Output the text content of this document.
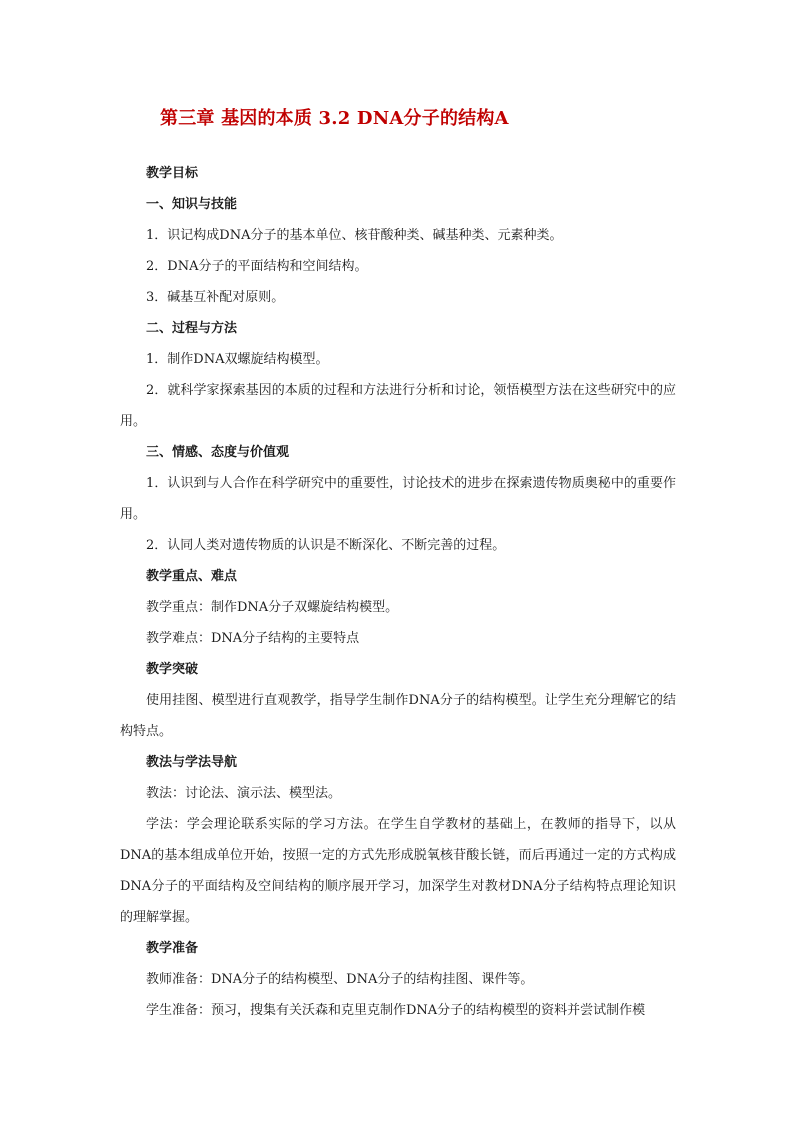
第三章 基因的本质 3.2 DNA分子的结构A

教学目标

一、知识与技能

1．识记构成DNA分子的基本单位、核苷酸种类、碱基种类、元素种类。

2．DNA分子的平面结构和空间结构。

3．碱基互补配对原则。

二、过程与方法

1．制作DNA双螺旋结构模型。

2．就科学家探索基因的本质的过程和方法进行分析和讨论，领悟模型方法在这些研究中的应用。

三、情感、态度与价值观

1．认识到与人合作在科学研究中的重要性，讨论技术的进步在探索遗传物质奥秘中的重要作用。

2．认同人类对遗传物质的认识是不断深化、不断完善的过程。

教学重点、难点

教学重点：制作DNA分子双螺旋结构模型。

教学难点：DNA分子结构的主要特点

教学突破

使用挂图、模型进行直观教学，指导学生制作DNA分子的结构模型。让学生充分理解它的结构特点。

教法与学法导航

教法：讨论法、演示法、模型法。

学法：学会理论联系实际的学习方法。在学生自学教材的基础上，在教师的指导下，以从DNA的基本组成单位开始，按照一定的方式先形成脱氧核苷酸长链，而后再通过一定的方式构成DNA分子的平面结构及空间结构的顺序展开学习，加深学生对教材DNA分子结构特点理论知识的理解掌握。

教学准备

教师准备：DNA分子的结构模型、DNA分子的结构挂图、课件等。

学生准备：预习，搜集有关沃森和克里克制作DNA分子的结构模型的资料并尝试制作模
